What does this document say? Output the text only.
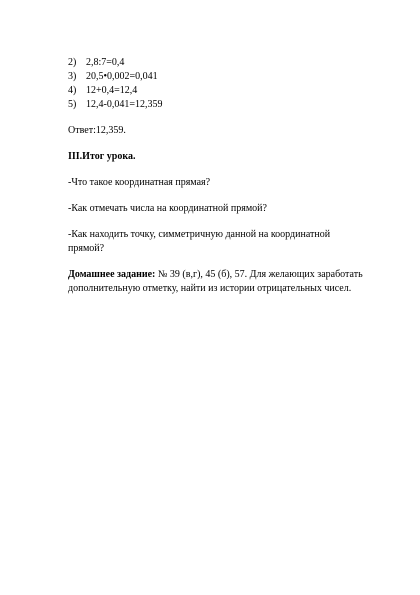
2) 2,8:7=0,4
3) 20,5•0,002=0,041
4) 12+0,4=12,4
5) 12,4-0,041=12,359
Ответ:12,359.
III.Итог урока.
-Что такое координатная прямая?
-Как отмечать числа на координатной прямой?
-Как находить точку, симметричную данной на координатной прямой?
Домашнее задание: № 39 (в,г), 45 (б), 57. Для желающих заработать дополнительную отметку, найти из истории отрицательных чисел.
